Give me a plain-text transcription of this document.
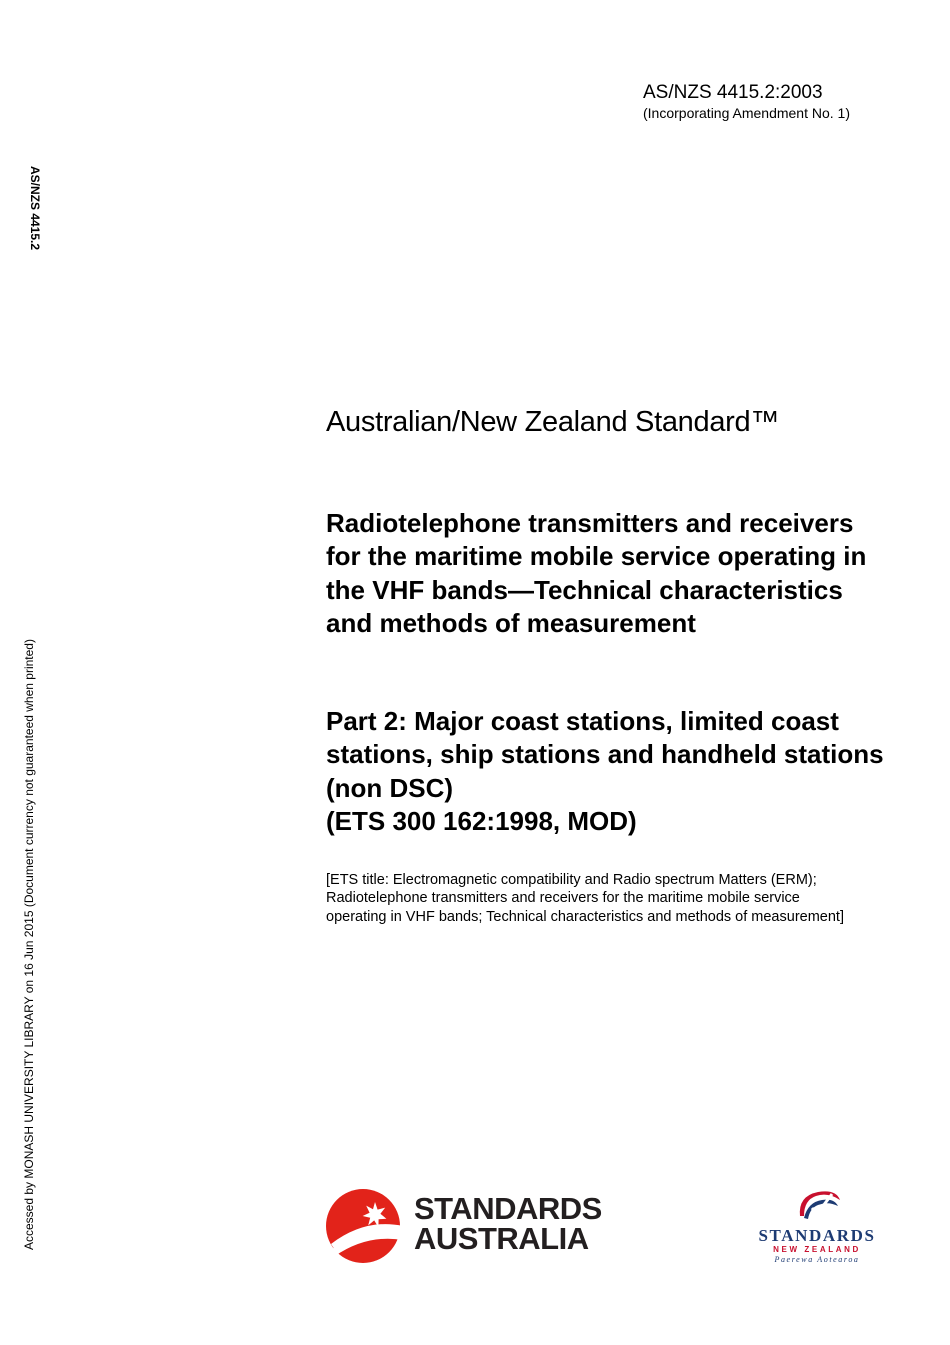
AS/NZS 4415.2:2003
(Incorporating Amendment No. 1)
AS/NZS 4415.2
Accessed by MONASH UNIVERSITY LIBRARY on 16 Jun 2015 (Document currency not guaranteed when printed)
Australian/New Zealand Standard™
Radiotelephone transmitters and receivers for the maritime mobile service operating in the VHF bands—Technical characteristics and methods of measurement
Part 2: Major coast stations, limited coast stations, ship stations and handheld stations (non DSC)
(ETS 300 162:1998, MOD)
[ETS title: Electromagnetic compatibility and Radio spectrum Matters (ERM); Radiotelephone transmitters and receivers for the maritime mobile service operating in VHF bands; Technical characteristics and methods of measurement]
STANDARDS
AUSTRALIA	STANDARDS
NEW ZEALAND
Paerewa Aotearoa
